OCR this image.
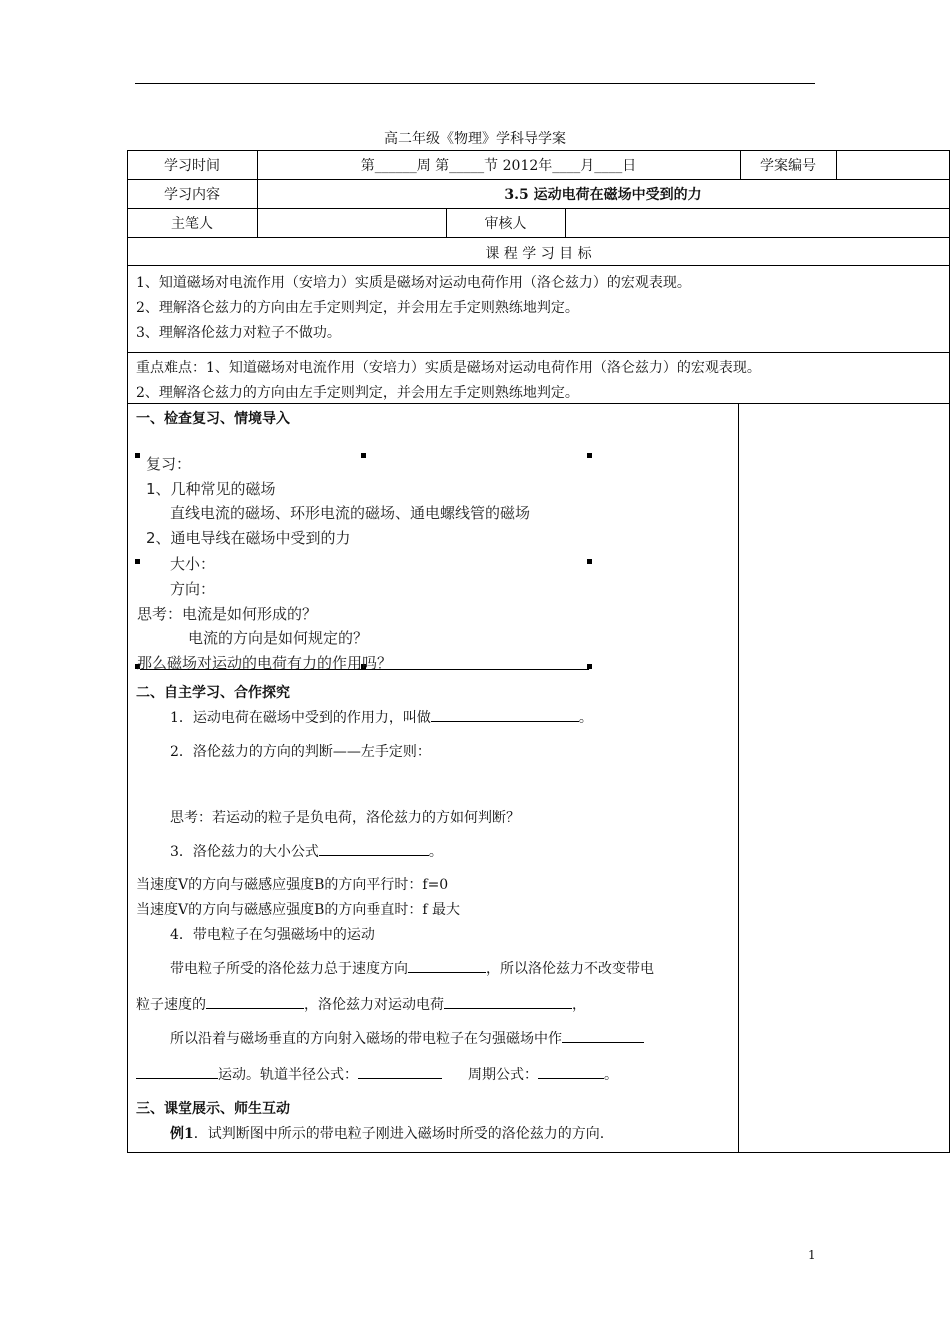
高二年级《物理》学科导学案
学习时间	第______周 第_____节 2012年____月____日	学案编号
学习内容	3.5 运动电荷在磁场中受到的力
主笔人	审核人
课 程 学 习 目 标
1、知道磁场对电流作用（安培力）实质是磁场对运动电荷作用（洛仑兹力）的宏观表现。
2、理解洛仑兹力的方向由左手定则判定，并会用左手定则熟练地判定。
3、理解洛伦兹力对粒子不做功。
重点难点：1、知道磁场对电流作用（安培力）实质是磁场对运动电荷作用（洛仑兹力）的宏观表现。
2、理解洛仑兹力的方向由左手定则判定，并会用左手定则熟练地判定。
一、检查复习、情境导入
复习：
1、几种常见的磁场
直线电流的磁场、环形电流的磁场、通电螺线管的磁场
2、通电导线在磁场中受到的力
大小：
方向：
思考：电流是如何形成的？
电流的方向是如何规定的？
那么磁场对运动的电荷有力的作用吗？
二、自主学习、合作探究
1．运动电荷在磁场中受到的作用力，叫做	。
2．洛伦兹力的方向的判断——左手定则：
思考：若运动的粒子是负电荷，洛伦兹力的方如何判断？
3．洛伦兹力的大小公式	。
当速度V的方向与磁感应强度B的方向平行时：f=0
当速度V的方向与磁感应强度B的方向垂直时：f 最大
4．带电粒子在匀强磁场中的运动
带电粒子所受的洛伦兹力总于速度方向	，所以洛伦兹力不改变带电
粒子速度的	，洛伦兹力对运动电荷	，
所以沿着与磁场垂直的方向射入磁场的带电粒子在匀强磁场中作
运动。轨道半径公式：	周期公式：	。
三、课堂展示、师生互动
例1．试判断图中所示的带电粒子刚进入磁场时所受的洛伦兹力的方向.
1
